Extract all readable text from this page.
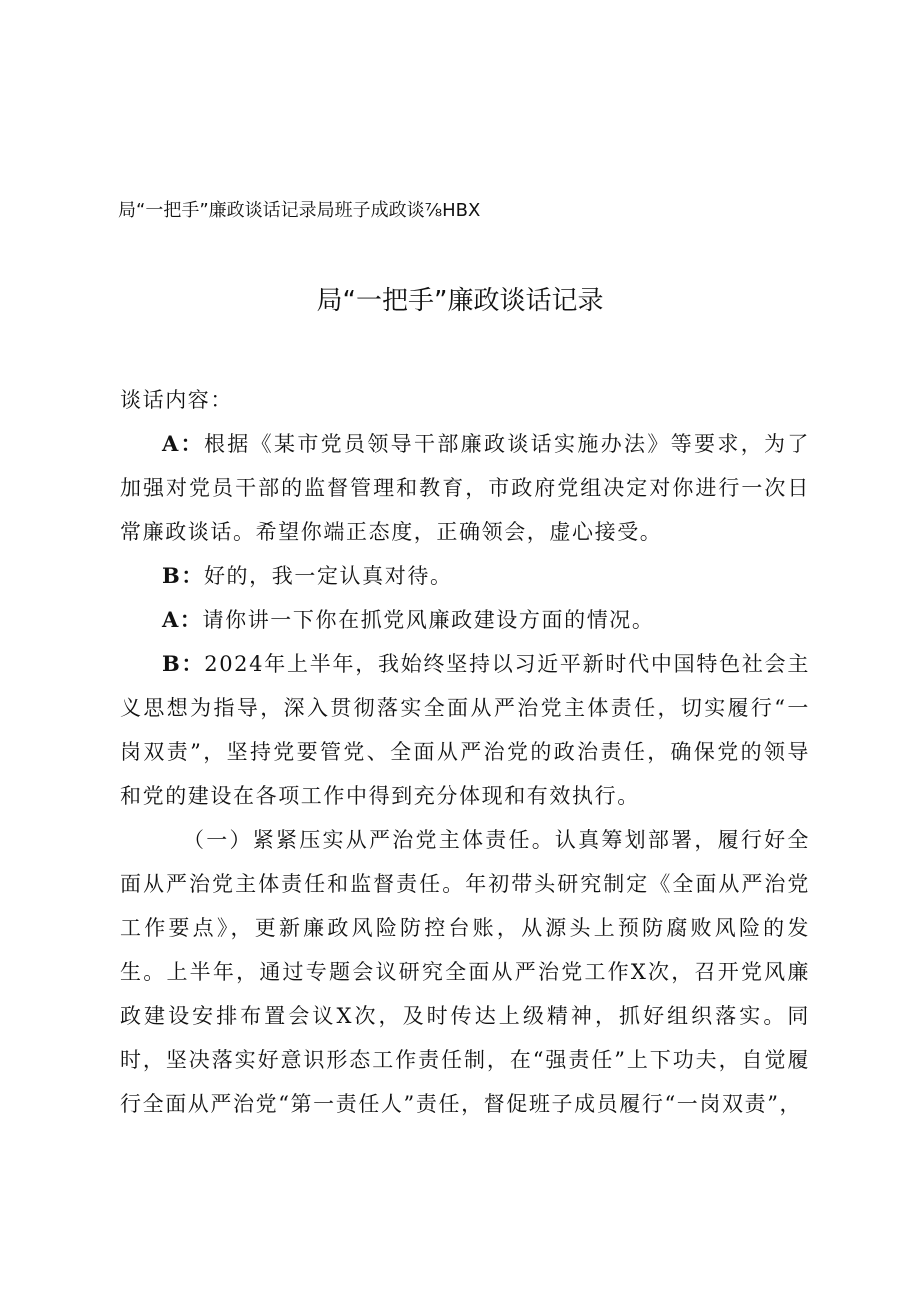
局“一把手”廉政谈话记录局班子成政谈⅞HBX
局“一把手”廉政谈话记录

谈话内容：

A：根据《某市党员领导干部廉政谈话实施办法》等要求，为了加强对党员干部的监督管理和教育，市政府党组决定对你进行一次日常廉政谈话。希望你端正态度，正确领会，虚心接受。

B：好的，我一定认真对待。

A：请你讲一下你在抓党风廉政建设方面的情况。

B：2024年上半年，我始终坚持以习近平新时代中国特色社会主义思想为指导，深入贯彻落实全面从严治党主体责任，切实履行“一岗双责”，坚持党要管党、全面从严治党的政治责任，确保党的领导和党的建设在各项工作中得到充分体现和有效执行。

（一）紧紧压实从严治党主体责任。认真筹划部署，履行好全面从严治党主体责任和监督责任。年初带头研究制定《全面从严治党工作要点》，更新廉政风险防控台账，从源头上预防腐败风险的发生。上半年，通过专题会议研究全面从严治党工作X次，召开党风廉政建设安排布置会议X次，及时传达上级精神，抓好组织落实。同时，坚决落实好意识形态工作责任制，在“强责任”上下功夫，自觉履行全面从严治党“第一责任人”责任，督促班子成员履行“一岗双责”，
